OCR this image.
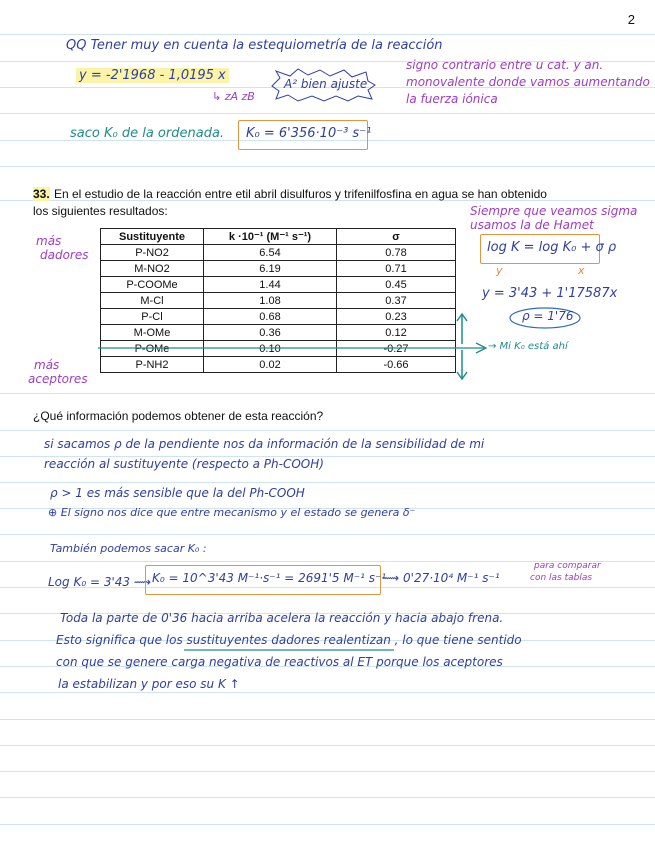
2
QQ Tener muy en cuenta la estequiometría de la reacción
y = -2'1968 - 1,0195 x
↳ zA zB
A² bien ajuste
signo contrario entre u cat. y an.
monovalente donde vamos aumentando
la fuerza iónica
saco K₀ de la ordenada. K₀ = 6'356·10⁻³ s⁻¹
33. En el estudio de la reacción entre etil abril disulfuros y trifenilfosfina en agua se han obtenido
los siguientes resultados:
más
dadores
Sustituyente	k ·10⁻¹ (M⁻¹ s⁻¹)	σ
P-NO2	6.54	0.78
M-NO2	6.19	0.71
P-COOMe	1.44	0.45
M-Cl	1.08	0.37
P-Cl	0.68	0.23
M-OMe	0.36	0.12
P-OMe	0.10	-0.27
P-NH2	0.02	-0.66
→ Mi K₀ está ahí
más
aceptores
Siempre que veamos sigma
usamos la de Hamet
log K = log K₀ + σ ρ
y	x
y = 3'43 + 1'17587x
ρ = 1'76
¿Qué información podemos obtener de esta reacción?
si sacamos ρ de la pendiente nos da información de la sensibilidad de mi
reacción al sustituyente (respecto a Ph-COOH)
ρ > 1 es más sensible que la del Ph-COOH
⊕ El signo nos dice que entre mecanismo y el estado se genera δ⁻
También podemos sacar K₀ :
Log K₀ = 3'43 ⟿ K₀ = 10^3'43 M⁻¹·s⁻¹ = 2691'5 M⁻¹ s⁻¹
⟿ 0'27·10⁴ M⁻¹ s⁻¹
para comparar
con las tablas
Toda la parte de 0'36 hacia arriba acelera la reacción y hacia abajo frena.
Esto significa que los sustituyentes dadores realentizan , lo que tiene sentido
con que se genere carga negativa de reactivos al ET porque los aceptores
la estabilizan y por eso su K ↑
